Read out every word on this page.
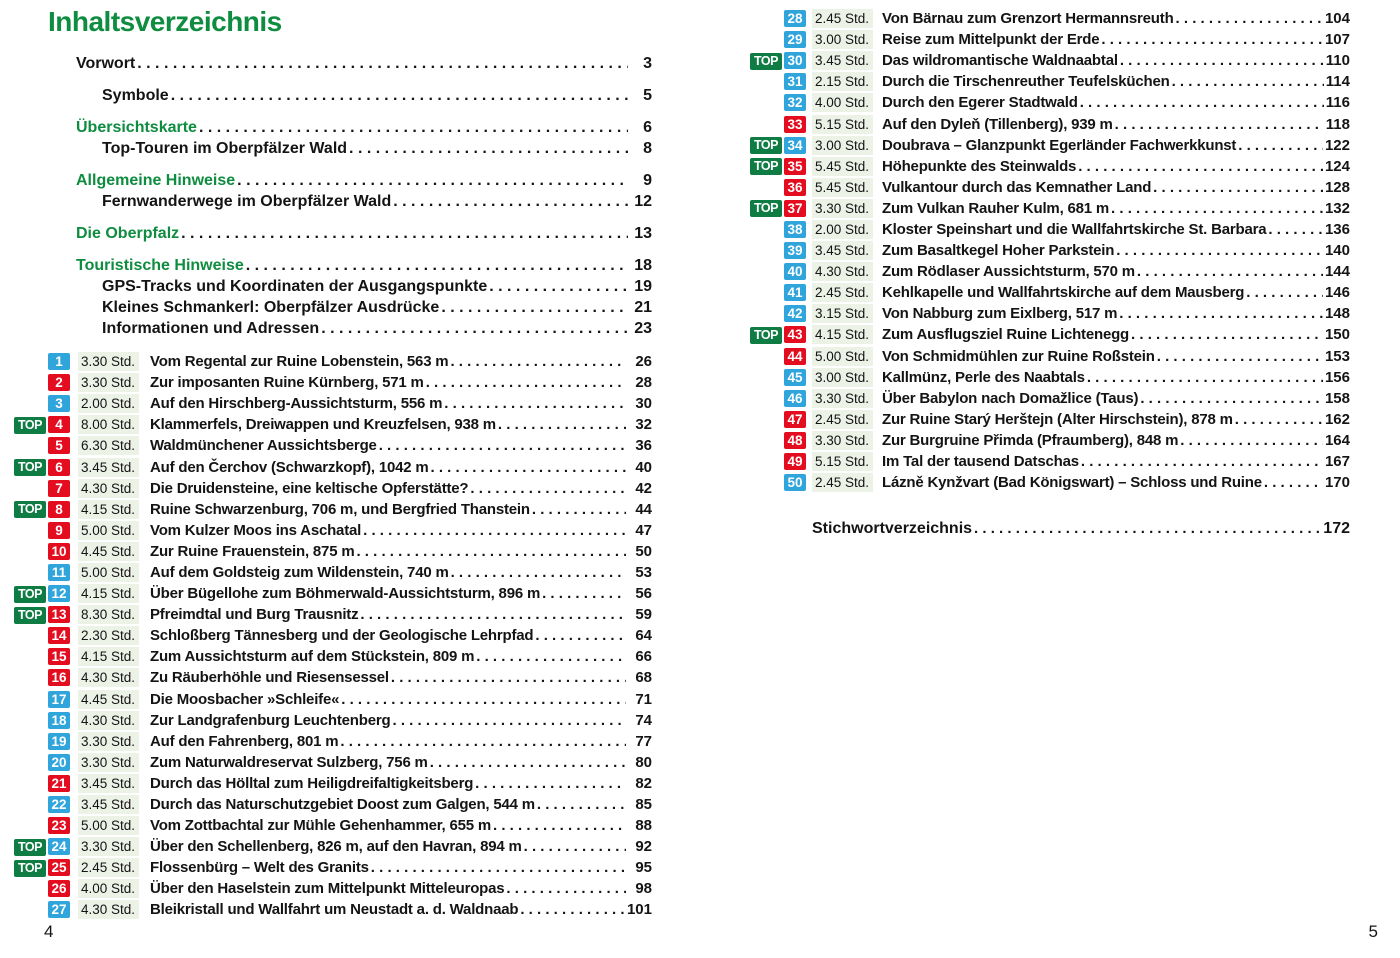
Inhaltsverzeichnis
Vorwort . . .	3
Symbole . . .	5
Übersichtskarte . . .	6
Top-Touren im Oberpfälzer Wald . . .	8
Allgemeine Hinweise . . .	9
Fernwanderwege im Oberpfälzer Wald . . .	12
Die Oberpfalz . . .	13
Touristische Hinweise . . .	18
GPS-Tracks und Koordinaten der Ausgangspunkte . . .	19
Kleines Schmankerl: Oberpfälzer Ausdrücke . . .	21
Informationen und Adressen . . .	23
1	3.30 Std. Vom Regental zur Ruine Lobenstein, 563 m . . .	26
2	3.30 Std. Zur imposanten Ruine Kürnberg, 571 m . . .	28
3	2.00 Std. Auf den Hirschberg-Aussichtsturm, 556 m . . .	30
TOP 4	8.00 Std. Klammerfels, Dreiwappen und Kreuzfelsen, 938 m . . .	32
5	6.30 Std. Waldmünchener Aussichtsberge . . .	36
TOP 6	3.45 Std. Auf den Čerchov (Schwarzkopf), 1042 m . . .	40
7	4.30 Std. Die Druidensteine, eine keltische Opferstätte? . . .	42
TOP 8	4.15 Std. Ruine Schwarzenburg, 706 m, und Bergfried Thanstein . . .	44
9	5.00 Std. Vom Kulzer Moos ins Aschatal . . .	47
10 4.45 Std. Zur Ruine Frauenstein, 875 m . . .	50
11 5.00 Std. Auf dem Goldsteig zum Wildenstein, 740 m . . .	53
TOP 12 4.15 Std. Über Bügellohe zum Böhmerwald-Aussichtsturm, 896 m . . .	56
TOP 13 8.30 Std. Pfreimdtal und Burg Trausnitz . . .	59
14 2.30 Std. Schloßberg Tännesberg und der Geologische Lehrpfad . . .	64
15 4.15 Std. Zum Aussichtsturm auf dem Stückstein, 809 m . . .	66
16 4.30 Std. Zu Räuberhöhle und Riesensessel . . .	68
17 4.45 Std. Die Moosbacher »Schleife« . . .	71
18 4.30 Std. Zur Landgrafenburg Leuchtenberg . . .	74
19 3.30 Std. Auf den Fahrenberg, 801 m . . .	77
20 3.30 Std. Zum Naturwaldreservat Sulzberg, 756 m . . .	80
21 3.45 Std. Durch das Hölltal zum Heiligdreifaltigkeitsberg . . .	82
22 3.45 Std. Durch das Naturschutzgebiet Doost zum Galgen, 544 m . . .	85
23 5.00 Std. Vom Zottbachtal zur Mühle Gehenhammer, 655 m . . .	88
TOP 24 3.30 Std. Über den Schellenberg, 826 m, auf den Havran, 894 m . . .	92
TOP 25 2.45 Std. Flossenbürg – Welt des Granits . . .	95
26 4.00 Std. Über den Haselstein zum Mittelpunkt Mitteleuropas . . .	98
27 4.30 Std. Bleikristall und Wallfahrt um Neustadt a. d. Waldnaab . . .	101
28 2.45 Std. Von Bärnau zum Grenzort Hermannsreuth . . .	104
29 3.00 Std. Reise zum Mittelpunkt der Erde . . .	107
TOP 30 3.45 Std. Das wildromantische Waldnaabtal . . .	110
31 2.15 Std. Durch die Tirschenreuther Teufelsküchen . . .	114
32 4.00 Std. Durch den Egerer Stadtwald . . .	116
33 5.15 Std. Auf den Dyleň (Tillenberg), 939 m . . .	118
TOP 34 3.00 Std. Doubrava – Glanzpunkt Egerländer Fachwerkkunst . . .	122
TOP 35 5.45 Std. Höhepunkte des Steinwalds . . .	124
36 5.45 Std. Vulkantour durch das Kemnather Land . . .	128
TOP 37 3.30 Std. Zum Vulkan Rauher Kulm, 681 m . . .	132
38 2.00 Std. Kloster Speinshart und die Wallfahrtskirche St. Barbara . . .	136
39 3.45 Std. Zum Basaltkegel Hoher Parkstein . . .	140
40 4.30 Std. Zum Rödlaser Aussichtsturm, 570 m . . .	144
41 2.45 Std. Kehlkapelle und Wallfahrtskirche auf dem Mausberg . . .	146
42 3.15 Std. Von Nabburg zum Eixlberg, 517 m . . .	148
TOP 43 4.15 Std. Zum Ausflugsziel Ruine Lichtenegg . . .	150
44 5.00 Std. Von Schmidmühlen zur Ruine Roßstein . . .	153
45 3.00 Std. Kallmünz, Perle des Naabtals . . .	156
46 3.30 Std. Über Babylon nach Domažlice (Taus) . . .	158
47 2.45 Std. Zur Ruine Starý Herštejn (Alter Hirschstein), 878 m . . .	162
48 3.30 Std. Zur Burgruine Přimda (Pfraumberg), 848 m . . .	164
49 5.15 Std. Im Tal der tausend Datschas . . .	167
50 2.45 Std. Lázně Kynžvart (Bad Königswart) – Schloss und Ruine . . .	170
Stichwortverzeichnis . . .	172
4	5
